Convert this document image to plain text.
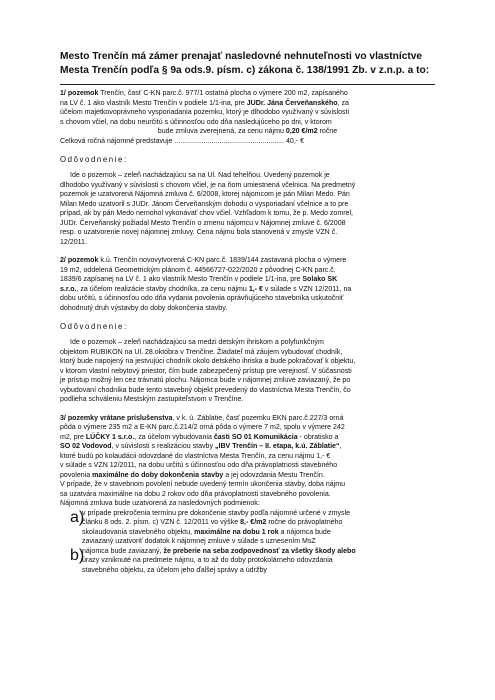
Mesto Trenčín má zámer prenajať nasledovné nehnuteľnosti vo vlastníctve Mesta Trenčín podľa § 9a ods.9. písm. c) zákona č. 138/1991 Zb. v z.n.p. a to:

1/ pozemok Trenčín, časť C-KN parc.č. 977/1 ostatná plocha o výmere 200 m2, zapísaného

na LV č. 1 ako vlastník Mesto Trenčín v podiele 1/1-ina, pre JUDr. Jána Červeňanského, za

účelom majetkovoprávneho vysporiadania pozemku, ktorý je dlhodobo využívaný v súvislosti

s chovom včiel, na dobu neurčitú s účinnosťou odo dňa nasledujúceho po dni, v ktorom

bude zmluva zverejnená, za cenu nájmu 0,20 €/m2 ročne

Celková ročná nájomné predstavuje ........................................................ 40,- €

Odôvodnenie:

Ide o pozemok – zeleň nachádzajúcu sa na Ul. Nad tehelňou. Uvedený pozemok je

dlhodobo využívaný v súvislosti s chovom včiel, je na ňom umiestnená včelnica. Na predmetný

pozemok je uzatvorená Nájomná zmluva č. 6/2008, ktorej nájomcom je pán Milan Medo. Pán

Milan Medo uzatvoril s JUDr. Jánom Červeňanským dohodu o vysporiadaní včelnice a to pre

prípad, ak by pán Medo nemohol vykonávať chov včiel. Vzhľadom k tomu, že p. Medo zomrel,

JUDr. Červeňanský požiadal Mesto Trenčín o zmenu nájomcu v Nájomnej zmluve č. 6/2008

resp. o uzatvorenie novej nájomnej zmluvy. Cena nájmu bola stanovená v zmysle VZN č.

12/2011.

2/ pozemok k.ú. Trenčín novovytvorená C-KN parc.č. 1839/144 zastavaná plocha o výmere

19 m2, oddelená Geometrickým plánom č. 44566727-022/2020 z pôvodnej C-KN parc.č.

1839/6 zapísanej na LV č. 1 ako vlastník Mesto Trenčín v podiele 1/1-ina, pre Solako SK

s.r.o., za účelom realizácie stavby chodníka, za cenu nájmu 1,- € v súlade s VZN 12/2011, na

dobu určitú, s účinnosťou odo dňa vydania povolenia oprávňujúceho stavebníka uskutočniť

dohodnutý druh výstavby do doby dokončenia stavby.

Odôvodnenie:

Ide o pozemok – zeleň nachádzajúcu sa medzi detským ihriskom a polyfunkčným

objektom RUBIKON na Ul. 28.októbra v Trenčíne. Žiadateľ má záujem vybudovať chodník,

ktorý bude napojený na jestvujúci chodník okolo detského ihriska a bude pokračovať k objektu,

v ktorom vlastní nebytový priestor, čím bude zabezpečený prístup pre verejnosť. V súčasnosti

je prístup možný len cez trávnatú plochu. Nájomca bude v nájomnej zmluve zaviazaný, že po

vybudovaní chodníka bude tento stavebný objekt prevedený do vlastníctva Mesta Trenčín, čo

podliehа schváleniu Mestským zastupiteľstvom v Trenčíne.

3/ pozemky vrátane príslušenstva, v k. ú. Záblatie, časť pozemku EKN parc.č.227/3 orná

pôda o výmere 235 m2 a E-KN parc.č.214/2 orná pôda o výmere 7 m2, spolu v výmere 242

m2, pre LÚČKY 1 s.r.o., za účelom vybudovania časti SO 01 Komunikácia - obratisko a

SO 02 Vodovod, v súvislosti s realizáciou stavby „IBV Trenčín – II. etapa, k.ú. Záblatie“,

ktoré budú po kolaudácii odovzdané do vlastníctva Mesta Trenčín, za cenu nájmu 1,- €

v súlade s VZN 12/2011, na dobu určitú s účinnosťou odo dňa právoplatnosti stavebného

povolenia maximálne do doby dokončenia stavby a jej odovzdania Mestu Trenčín.

V prípade, že v stavebnom povolení nebude uvedený termín ukončenia stavby, doba nájmu

sa uzatvára maximálne na dobu 2 rokov odo dňa právoplatnosti stavebného povolenia.

Nájomná zmluva bude uzatvorená za nasledovných podmienok:

a)

v prípade prekročenia termínu pre dokončenie stavby podľa nájomné určené v zmysle

článku 8 ods. 2. písm. c) VZN č. 12/2011 vo výške 8,- €/m2 ročne do právoplatného

skolaudovania stavebného objektu, maximálne na dobu 1 rok a nájomca bude

zaviazaný uzatvoriť dodatok k nájomnej zmluve v súlade s uznesením MsZ

b)

nájomca bude zaviazaný, že preberie na seba zodpovednosť za všetky škody alebo

úrazy vzniknuté na predmete nájmu, a to až do doby protokolárneho odovzdania

stavebného objektu, za účelom jeho ďalšej správy a údržby
